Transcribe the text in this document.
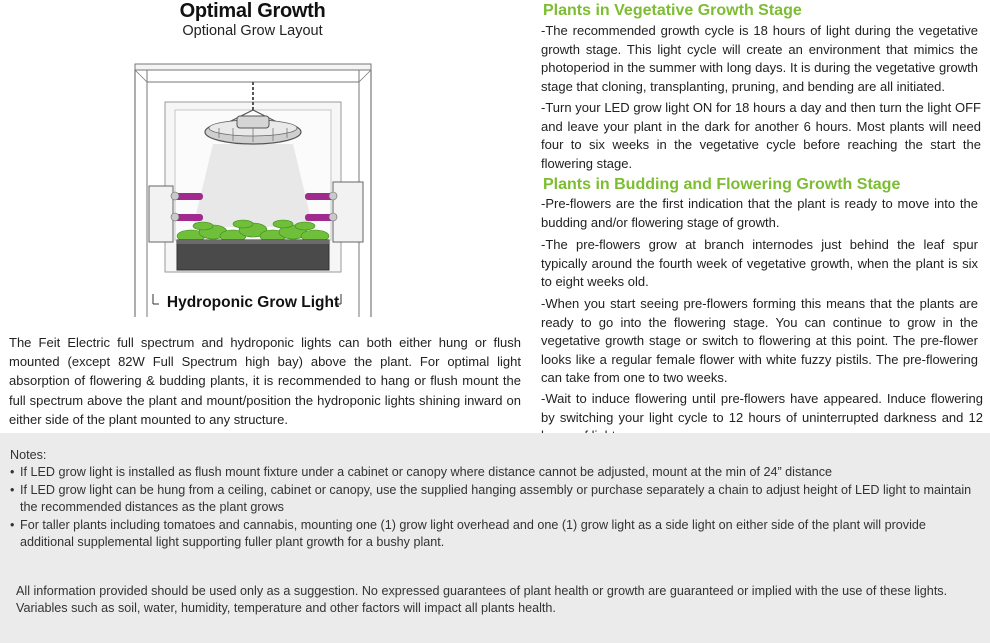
Optimal Growth
Optional Grow Layout
Hydroponic Grow Light
The Feit Electric full spectrum and hydroponic lights can both either hung or flush mounted (except 82W Full Spectrum high bay) above the plant. For optimal light absorption of flowering & budding plants, it is recommended to hang or flush mount the full spectrum above the plant and mount/position the hydroponic lights shining inward on either side of the plant mounted to any structure.
Plants in Vegetative Growth Stage
-The recommended growth cycle is 18 hours of light during the vegetative growth stage. This light cycle will create an environment that mimics the photoperiod in the summer with long days. It is during the vegetative growth stage that cloning, transplanting, pruning, and bending are all initiated.
-Turn your LED grow light ON for 18 hours a day and then turn the light OFF and leave your plant in the dark for another 6 hours. Most plants will need four to six weeks in the vegetative cycle before reaching the start the flowering stage.
Plants in Budding and Flowering Growth Stage
-Pre-flowers are the first indication that the plant is ready to move into the budding and/or flowering stage of growth.
-The pre-flowers grow at branch internodes just behind the leaf spur typically around the fourth week of vegetative growth, when the plant is six to eight weeks old.
-When you start seeing pre-flowers forming this means that the plants are ready to go into the flowering stage. You can continue to grow in the vegetative growth stage or switch to flowering at this point. The pre-flower looks like a regular female flower with white fuzzy pistils. The pre-flowering can take from one to two weeks.
-Wait to induce flowering until pre-flowers have appeared. Induce flowering by switching your light cycle to 12 hours of uninterrupted darkness and 12
Notes:
• If LED grow light is installed as flush mount fixture under a cabinet or canopy where distance cannot be adjusted, mount at the min of 24” distance
• If LED grow light can be hung from a ceiling, cabinet or canopy, use the supplied hanging assembly or purchase separately a chain to adjust height of LED light to maintain the recommended distances as the plant grows
• For taller plants including tomatoes and cannabis, mounting one (1) grow light overhead and one (1) grow light as a side light on either side of the plant will provide additional supplemental light supporting fuller plant growth for a bushy plant.
All information provided should be used only as a suggestion. No expressed guarantees of plant health or growth are guaranteed or implied with the use of these lights.
Variables such as soil, water, humidity, temperature and other factors will impact all plants health.
